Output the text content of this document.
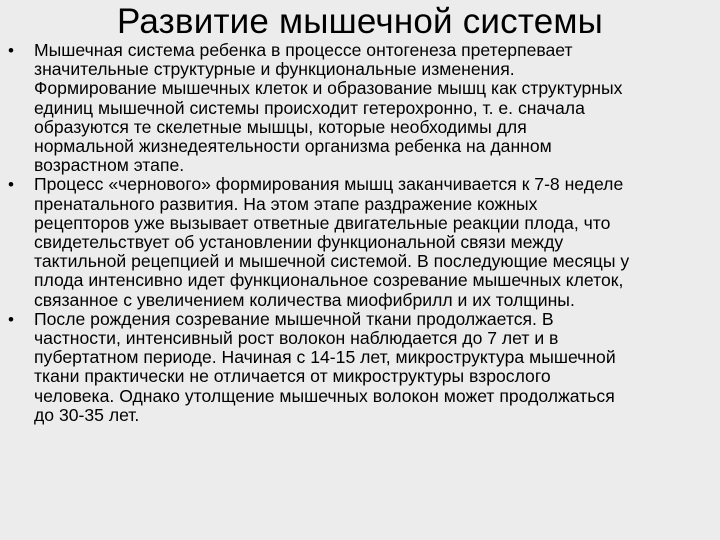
Развитие мышечной системы
• Мышечная система ребенка в процессе онтогенеза претерпевает
значительные структурные и функциональные изменения.
Формирование мышечных клеток и образование мышц как структурных
единиц мышечной системы происходит гетерохронно, т. е. сначала
образуются те скелетные мышцы, которые необходимы для
нормальной жизнедеятельности организма ребенка на данном
возрастном этапе.
• Процесс «чернового» формирования мышц заканчивается к 7-8 неделе
пренатального развития. На этом этапе раздражение кожных
рецепторов уже вызывает ответные двигательные реакции плода, что
свидетельствует об установлении функциональной связи между
тактильной рецепцией и мышечной системой. В последующие месяцы у
плода интенсивно идет функциональное созревание мышечных клеток,
связанное с увеличением количества миофибрилл и их толщины.
• После рождения созревание мышечной ткани продолжается. В
частности, интенсивный рост волокон наблюдается до 7 лет и в
пубертатном периоде. Начиная с 14-15 лет, микроструктура мышечной
ткани практически не отличается от микроструктуры взрослого
человека. Однако утолщение мышечных волокон может продолжаться
до 30-35 лет.
